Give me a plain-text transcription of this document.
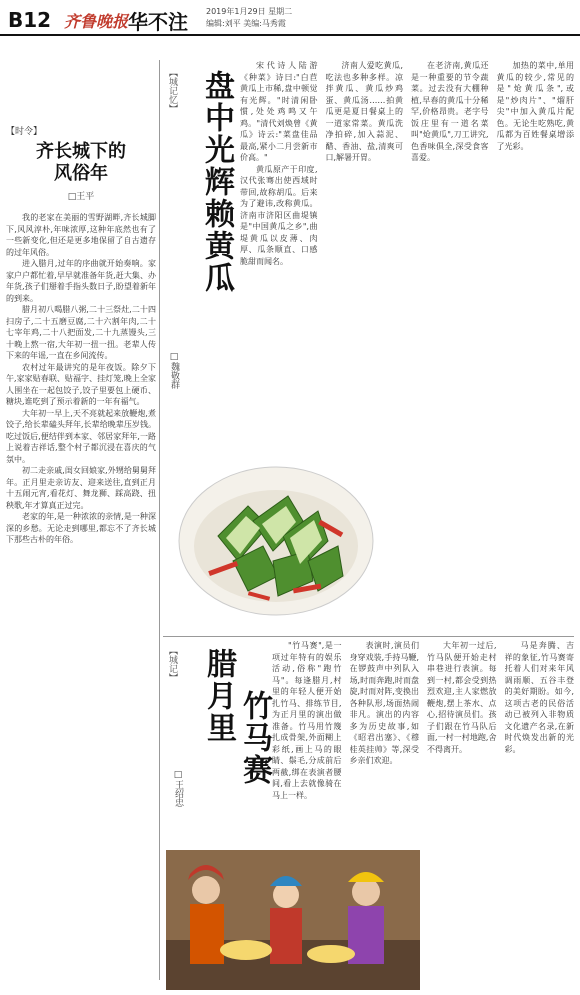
B12 齐鲁晚报 华不注 2019年1月29日 星期二
编辑:刘平 美编:马秀霞
【时令】
齐长城下的
风俗年
□王平

我的老家在美丽的雪野湖畔,齐长城脚下,风风淳朴,年味浓厚,这种年底然也有了一些新变化,但还是更多地保留了自古遗存的过年风俗。

进入腊月,过年的序曲就开始奏响。家家户户都忙着,早早就准备年货,赶大集、办年货,孩子们掰着手指头数日子,盼望着新年的到来。

腊月初八喝腊八粥,二十三祭灶,二十四扫房子,二十五磨豆腐,二十六割年肉,二十七宰年鸡,二十八把面发,二十九蒸馒头,三十晚上熬一宿,大年初一扭一扭。老辈人传下来的年谣,一直在乡间流传。

农村过年最讲究的是年夜饭。除夕下午,家家贴春联、贴福字、挂灯笼,晚上全家人围坐在一起包饺子,饺子里要包上硬币、糖块,谁吃到了预示着新的一年有福气。

大年初一早上,天不亮就起来放鞭炮,煮饺子,给长辈磕头拜年,长辈给晚辈压岁钱。吃过饭后,便结伴到本家、邻居家拜年,一路上说着吉祥话,整个村子都沉浸在喜庆的气氛中。

初二走亲戚,闺女回娘家,外甥给舅舅拜年。正月里走亲访友、迎来送往,直到正月十五闹元宵,看花灯、舞龙狮、踩高跷、扭秧歌,年才算真正过完。

老家的年,是一种浓浓的亲情,是一种深深的乡愁。无论走到哪里,都忘不了齐长城下那些古朴的年俗。

【城记忆】 盘中光辉赖黄瓜
□魏敬群

宋代诗人陆游《种菜》诗曰:"白苣黄瓜上市稀,盘中顿觉有光辉。"时清闲卧惯,处处鸡鸣又午鸡。"清代刘焕曾《黄瓜》诗云:"菜盘佳品最高,紧小二月尝新市价高。"

黄瓜原产于印度,汉代张骞出使西域时带回,故称胡瓜。后来为了避讳,改称黄瓜。济南市济阳区曲堤镇是"中国黄瓜之乡",曲堤黄瓜以皮薄、肉厚、瓜条顺直、口感脆甜而闻名。

济南人爱吃黄瓜,吃法也多种多样。凉拌黄瓜、黄瓜炒鸡蛋、黄瓜汤……拍黄瓜更是夏日餐桌上的一道家常菜。黄瓜洗净拍碎,加入蒜泥、醋、香油、盐,清爽可口,解暑开胃。

在老济南,黄瓜还是一种重要的节令蔬菜。过去没有大棚种植,早春的黄瓜十分稀罕,价格昂贵。老字号饭庄里有一道名菜叫"炝黄瓜",刀工讲究,色香味俱全,深受食客喜爱。

加热的菜中,单用黄瓜的较少,常见的是"炝黄瓜条",或是"炒肉片"、"熘肝尖"中加入黄瓜片配色。无论生吃熟吃,黄瓜都为百姓餐桌增添了光彩。

【城记】 腊月里 竹马赛
□王绍忠

"竹马赛",是一项过年特有的娱乐活动,俗称"跑竹马"。每逢腊月,村里的年轻人便开始扎竹马、排练节目,为正月里的演出做准备。竹马用竹篾扎成骨架,外面糊上彩纸,画上马的眼睛、鬃毛,分成前后两截,绑在表演者腰间,看上去就像骑在马上一样。

表演时,演员们身穿戏装,手持马鞭,在锣鼓声中列队入场,时而奔跑,时而盘旋,时而对阵,变换出各种队形,场面热闹非凡。演出的内容多为历史故事,如《昭君出塞》、《穆桂英挂帅》等,深受乡亲们欢迎。

大年初一过后,竹马队便开始走村串巷进行表演。每到一村,都会受到热烈欢迎,主人家燃放鞭炮,摆上茶水、点心,招待演员们。孩子们跟在竹马队后面,一村一村地跑,舍不得离开。

马是奔腾、吉祥的象征,竹马赛寄托着人们对来年风调雨顺、五谷丰登的美好期盼。如今,这项古老的民俗活动已被列入非物质文化遗产名录,在新时代焕发出新的光彩。
